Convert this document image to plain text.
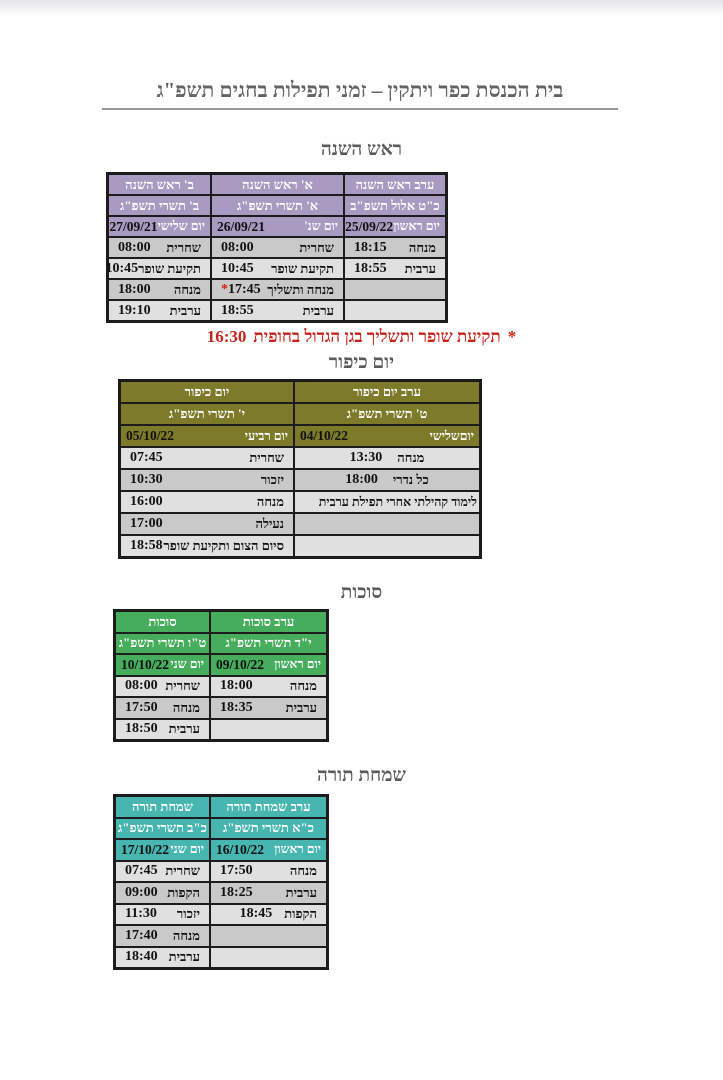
בית הכנסת כפר ויתקין – זמני תפילות בחגים תשפ"ג
ראש השנה
ערב ראש השנה
א' ראש השנה
ב' ראש השנה
כ"ט אלול תשפ"ב
א' תשרי תשפ"ג
ב' תשרי תשפ"ג
יום ראשון
25/09/22
יום שנ'
26/09/21
יום שלישי
27/09/21
מנחה
18:15
שחרית
08:00
שחרית
08:00
ערבית
18:55
תקיעת שופר
10:45
תקיעת שופר
10:45
מנחה ותשליך
*17:45
מנחה
18:00
ערבית
18:55
ערבית
19:10
*
תקיעת שופר ותשליך בגן הגדול בחופית
16:30
יום כיפור
ערב יום כיפור
יום כיפור
ט' תשרי תשפ"ג
י' תשרי תשפ"ג
יוםשלישי
04/10/22
יום רביעי
05/10/22
מנחה
13:30
שחרית
07:45
כל נדרי
18:00
יזכור
10:30
לימוד קהילתי אחרי תפילת ערבית
מנחה
16:00
נעילה
17:00
סיום הצום ותקיעת שופר
18:58
סוכות
ערב סוכות
סוכות
י"ד תשרי תשפ"ג
ט"ו תשרי תשפ"ג
יום ראשון
09/10/22
יום שני
10/10/22
מנחה
18:00
שחרית
08:00
ערבית
18:35
מנחה
17:50
ערבית
18:50
שמחת תורה
ערב שמחת תורה
שמחת תורה
כ"א תשרי תשפ"ג
כ"ב תשרי תשפ"ג
יום ראשון
16/10/22
יום שני
17/10/22
מנחה
17:50
שחרית
07:45
ערבית
18:25
הקפות
09:00
הקפות
18:45
יזכור
11:30
מנחה
17:40
ערבית
18:40
